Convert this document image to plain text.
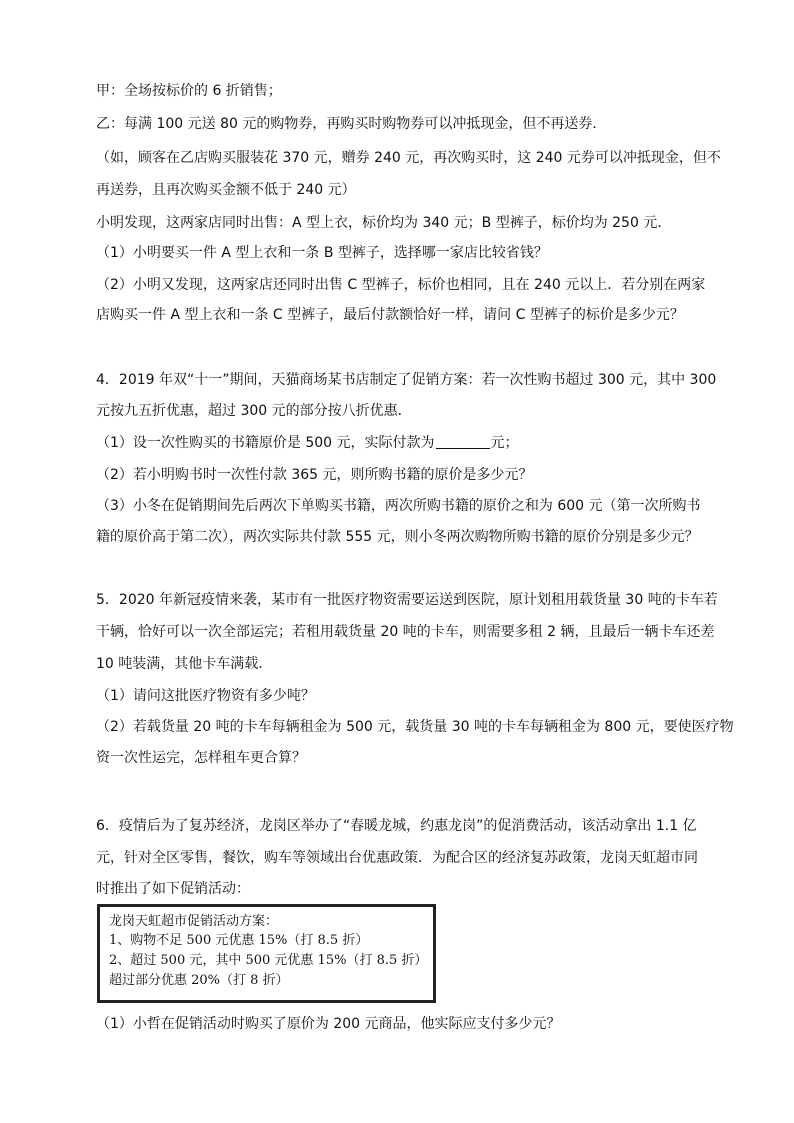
甲：全场按标价的 6 折销售；
乙：每满 100 元送 80 元的购物券，再购买时购物券可以冲抵现金，但不再送券．
（如，顾客在乙店购买服装花 370 元，赠券 240 元，再次购买时，这 240 元券可以冲抵现金，但不
再送券，且再次购买金额不低于 240 元）
小明发现，这两家店同时出售：A 型上衣，标价均为 340 元；B 型裤子，标价均为 250 元．
（1）小明要买一件 A 型上衣和一条 B 型裤子，选择哪一家店比较省钱？
（2）小明又发现，这两家店还同时出售 C 型裤子，标价也相同，且在 240 元以上．若分别在两家
店购买一件 A 型上衣和一条 C 型裤子，最后付款额恰好一样，请问 C 型裤子的标价是多少元？
4．2019 年双“十一”期间，天猫商场某书店制定了促销方案：若一次性购书超过 300 元，其中 300
元按九五折优惠，超过 300 元的部分按八折优惠．
（1）设一次性购买的书籍原价是 500 元，实际付款为	元；
（2）若小明购书时一次性付款 365 元，则所购书籍的原价是多少元？
（3）小冬在促销期间先后两次下单购买书籍，两次所购书籍的原价之和为 600 元（第一次所购书
籍的原价高于第二次），两次实际共付款 555 元，则小冬两次购物所购书籍的原价分别是多少元？
5．2020 年新冠疫情来袭，某市有一批医疗物资需要运送到医院，原计划租用载货量 30 吨的卡车若
干辆，恰好可以一次全部运完；若租用载货量 20 吨的卡车，则需要多租 2 辆，且最后一辆卡车还差
10 吨装满，其他卡车满载．
（1）请问这批医疗物资有多少吨？
（2）若载货量 20 吨的卡车每辆租金为 500 元，载货量 30 吨的卡车每辆租金为 800 元，要使医疗物
资一次性运完，怎样租车更合算？
6．疫情后为了复苏经济，龙岗区举办了“春暖龙城，约惠龙岗”的促消费活动，该活动拿出 1.1 亿
元，针对全区零售，餐饮，购车等领域出台优惠政策．为配合区的经济复苏政策，龙岗天虹超市同
时推出了如下促销活动：
龙岗天虹超市促销活动方案：
1、购物不足 500 元优惠 15%（打 8.5 折）
2、超过 500 元，其中 500 元优惠 15%（打 8.5 折）
超过部分优惠 20%（打 8 折）
（1）小哲在促销活动时购买了原价为 200 元商品，他实际应支付多少元？
